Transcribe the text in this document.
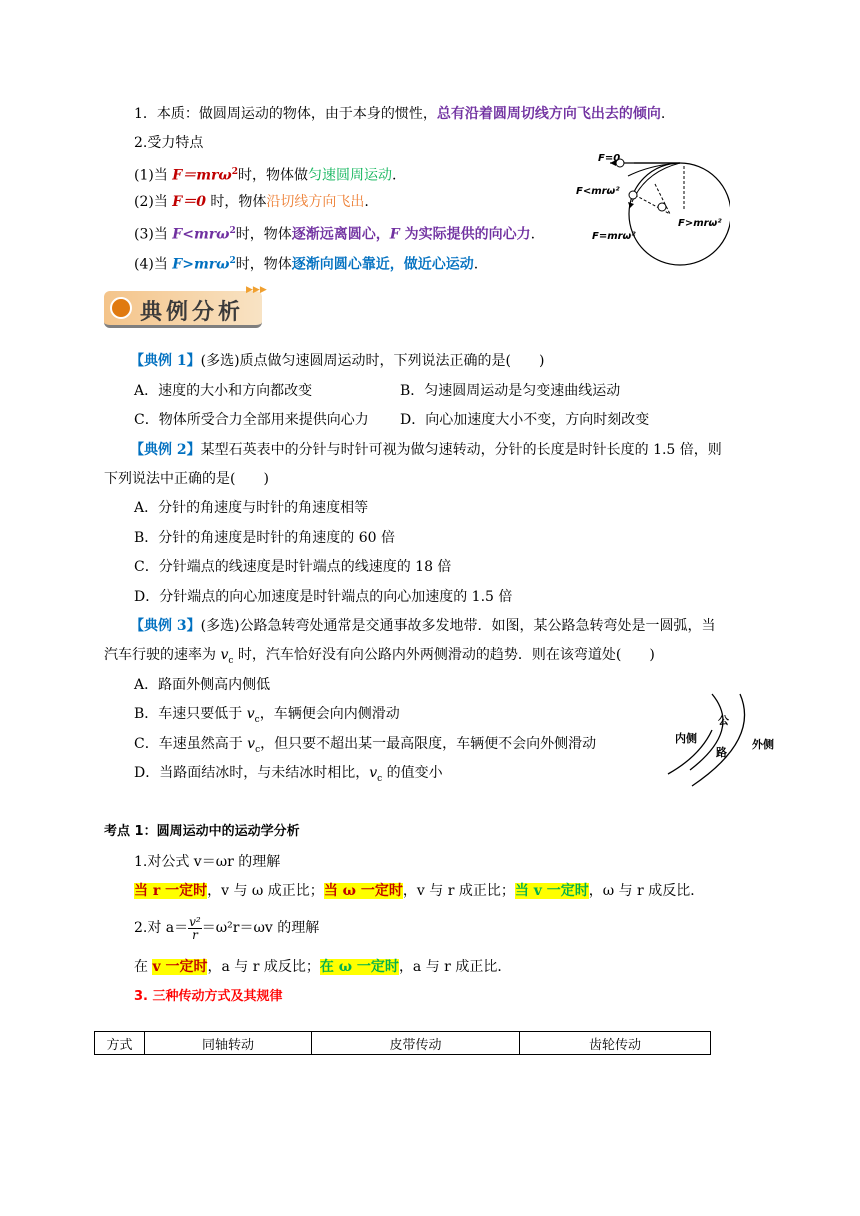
1．本质：做圆周运动的物体，由于本身的惯性，总有沿着圆周切线方向飞出去的倾向.
2.受力特点
(1)当 F＝mrω$^2$时，物体做匀速圆周运动.
(2)当 F＝0 时，物体沿切线方向飞出.
(3)当 F<mrω$^2$时，物体逐渐远离圆心，F 为实际提供的向心力.
(4)当 F>mrω$^2$时，物体逐渐向圆心靠近，做近心运动.
F=0
F<mrω²
F>mrω²
F=mrω²
典例分析
▶▶▶
【典例 1】(多选)质点做匀速圆周运动时，下列说法正确的是(　　)
A．速度的大小和方向都改变	B．匀速圆周运动是匀变速曲线运动
C．物体所受合力全部用来提供向心力 D．向心加速度大小不变，方向时刻改变
【典例 2】某型石英表中的分针与时针可视为做匀速转动，分针的长度是时针长度的 1.5 倍，则
下列说法中正确的是(　　)
A．分针的角速度与时针的角速度相等
B．分针的角速度是时针的角速度的 60 倍
C．分针端点的线速度是时针端点的线速度的 18 倍
D．分针端点的向心加速度是时针端点的向心加速度的 1.5 倍
【典例 3】(多选)公路急转弯处通常是交通事故多发地带．如图，某公路急转弯处是一圆弧，当
汽车行驶的速率为 $v_c$ 时，汽车恰好没有向公路内外两侧滑动的趋势．则在该弯道处(　　)
A．路面外侧高内侧低
B．车速只要低于 $v_c$，车辆便会向内侧滑动
C．车速虽然高于 $v_c$，但只要不超出某一最高限度，车辆便不会向外侧滑动
D．当路面结冰时，与未结冰时相比，$v_c$ 的值变小
内侧
公
路
外侧
考点 1：圆周运动中的运动学分析
1.对公式 v＝ωr 的理解
当 r 一定时，v 与 ω 成正比；当 ω 一定时，v 与 r 成正比；当 v 一定时，ω 与 r 成反比．
2.对 $a= \frac{\text{v²}}{r} =\omega^2r=\omega v$ 的理解
在 v 一定时，a 与 r 成反比；在 ω 一定时，a 与 r 成正比．
3. 三种传动方式及其规律
方式	同轴转动	皮带传动	齿轮传动
